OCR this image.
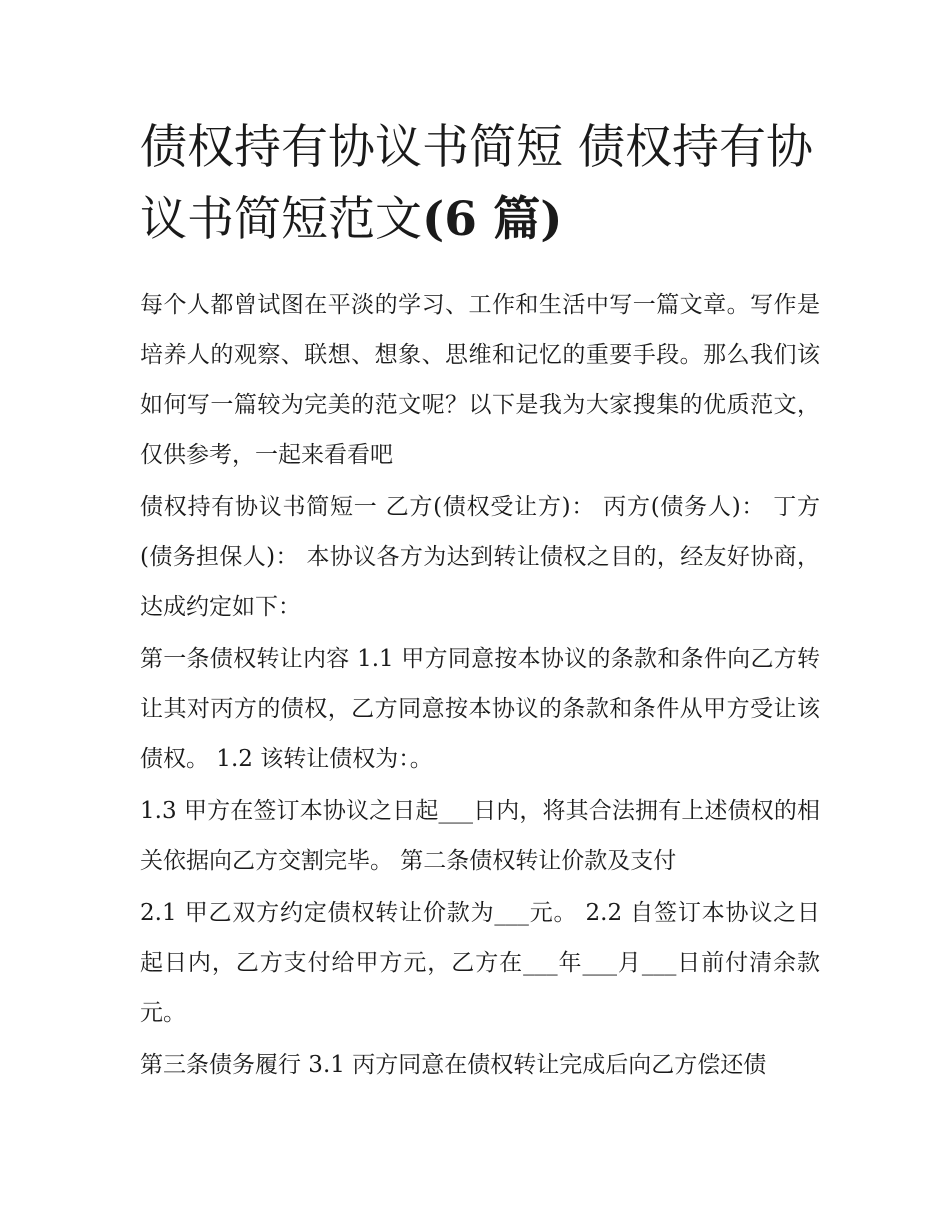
债权持有协议书简短 债权持有协议书简短范文(6 篇)

每个人都曾试图在平淡的学习、工作和生活中写一篇文章。写作是培养人的观察、联想、想象、思维和记忆的重要手段。那么我们该如何写一篇较为完美的范文呢？以下是我为大家搜集的优质范文，仅供参考，一起来看看吧

债权持有协议书简短一 乙方(债权受让方)： 丙方(债务人)： 丁方(债务担保人)： 本协议各方为达到转让债权之目的，经友好协商，达成约定如下：

第一条债权转让内容 1.1 甲方同意按本协议的条款和条件向乙方转让其对丙方的债权，乙方同意按本协议的条款和条件从甲方受让该债权。 1.2 该转让债权为：。

1.3 甲方在签订本协议之日起___日内，将其合法拥有上述债权的相关依据向乙方交割完毕。 第二条债权转让价款及支付

2.1 甲乙双方约定债权转让价款为___元。 2.2 自签订本协议之日起日内，乙方支付给甲方元，乙方在___年___月___日前付清余款元。

第三条债务履行 3.1 丙方同意在债权转让完成后向乙方偿还债
